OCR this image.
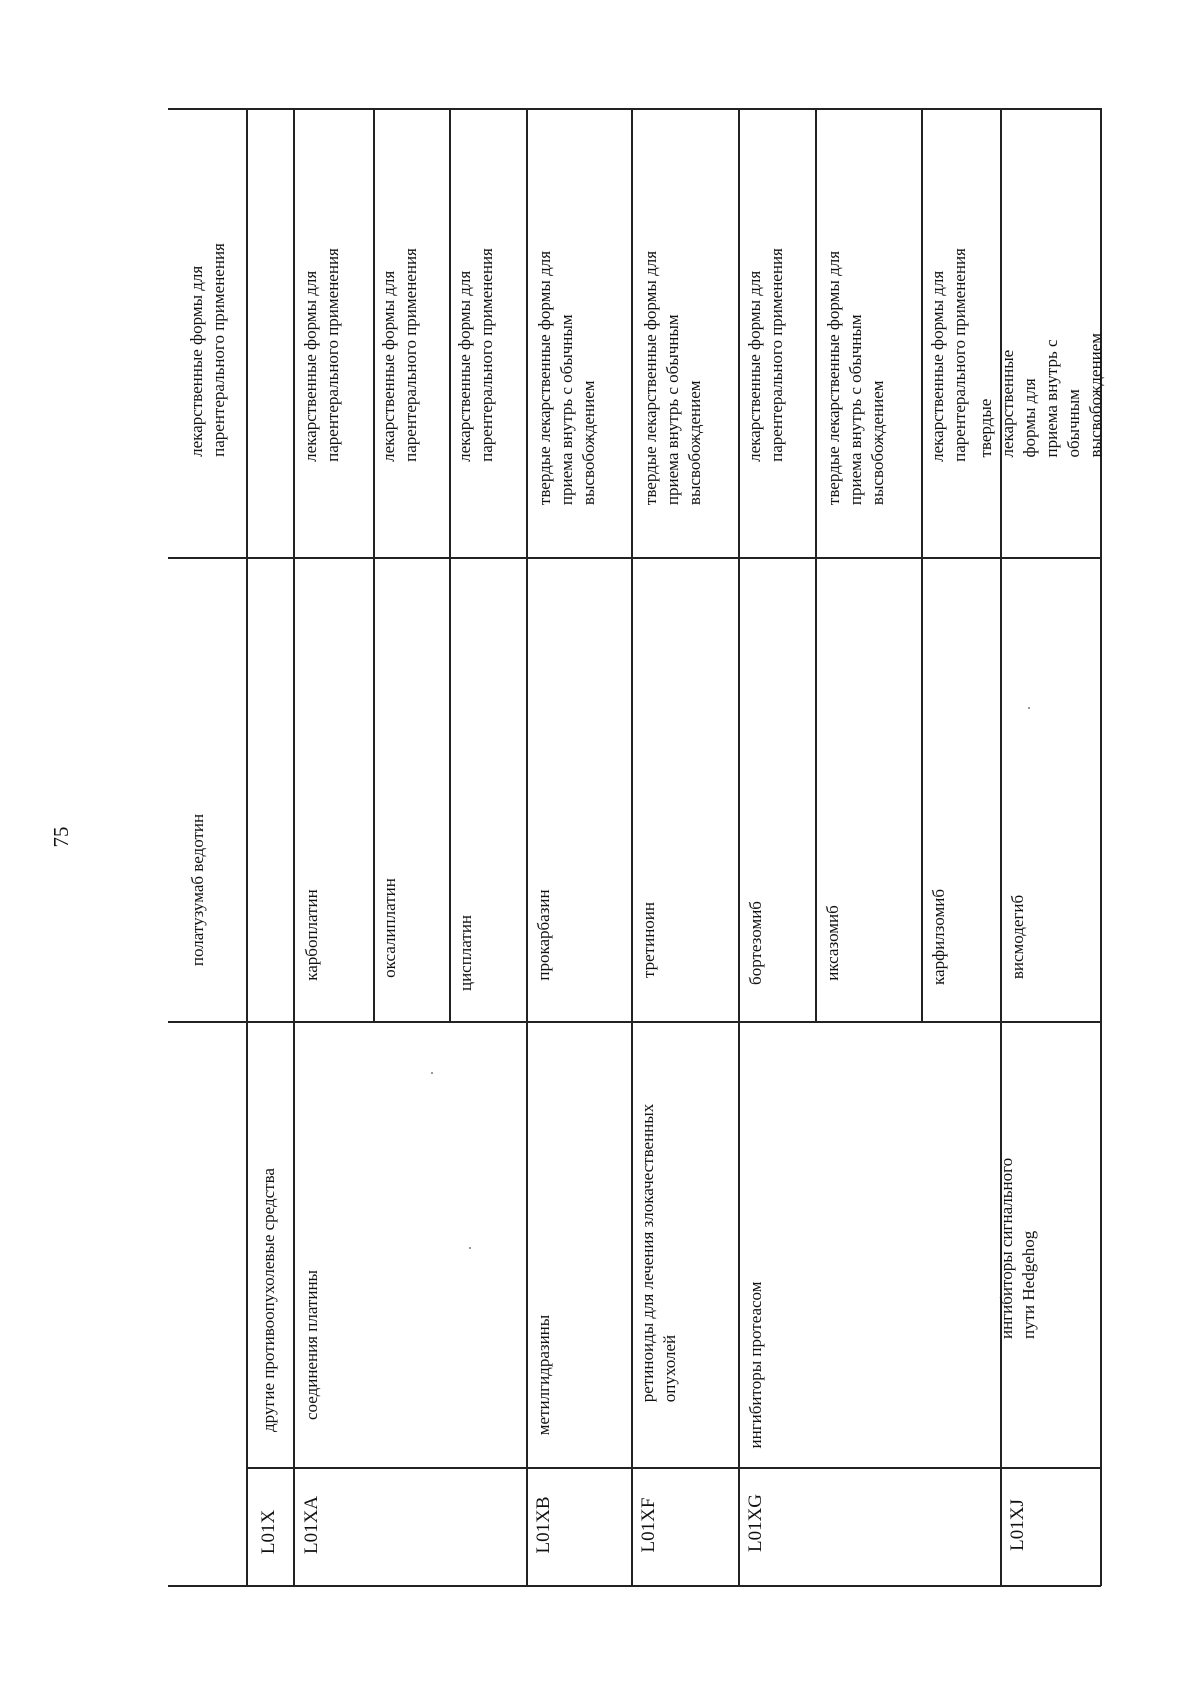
75	полатузумаб ведотин
лекарственные формы для
парентерального применения
L01X
другие противоопухолевые средства
L01XA
соединения платины
карбоплатин
лекарственные формы для
парентерального применения
оксалиплатин
лекарственные формы для
парентерального применения
цисплатин
лекарственные формы для
парентерального применения
L01XB
метилгидразины
прокарбазин
твердые лекарственные формы для
приема внутрь с обычным
высвобождением
L01XF
ретиноиды для лечения злокачественных
опухолей
третиноин
твердые лекарственные формы для
приема внутрь с обычным
высвобождением
L01XG
ингибиторы протеасом
бортезомиб
лекарственные формы для
парентерального применения
иксазомиб
твердые лекарственные формы для
приема внутрь с обычным
высвобождением
карфилзомиб
лекарственные формы для
парентерального применения
L01XJ
ингибиторы сигнального пути Hedgehog
висмодегиб
твердые лекарственные формы для
приема внутрь с обычным
высвобождением
